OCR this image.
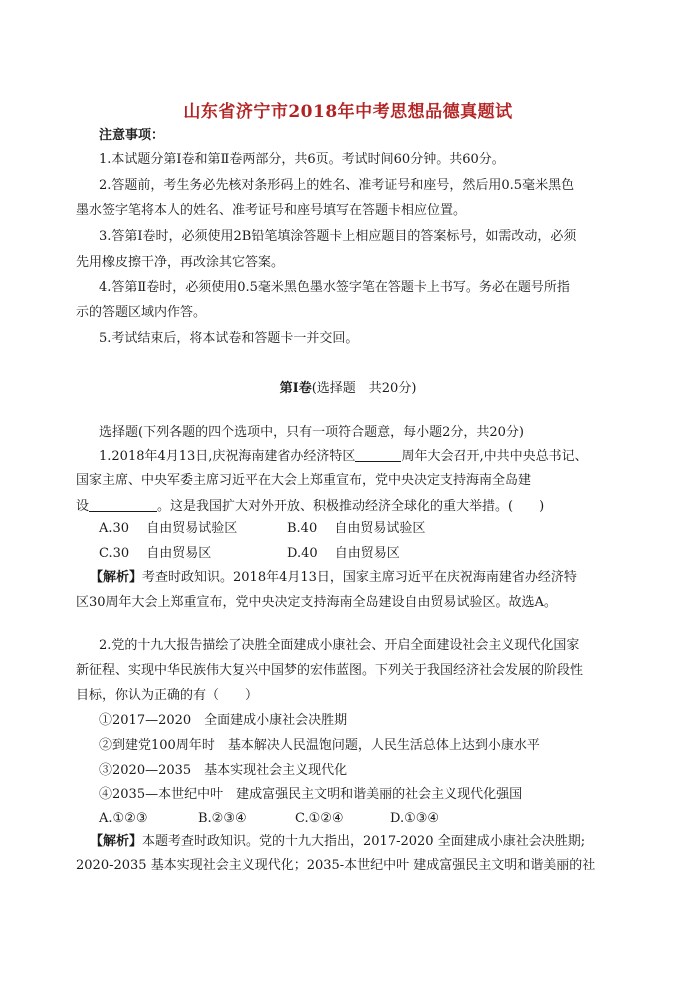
山东省济宁市2018年中考思想品德真题试
注意事项：
1.本试题分第Ⅰ卷和第Ⅱ卷两部分，共6页。考试时间60分钟。共60分。
2.答题前，考生务必先核对条形码上的姓名、准考证号和座号，然后用0.5毫米黑色
墨水签字笔将本人的姓名、准考证号和座号填写在答题卡相应位置。
3.答第Ⅰ卷时，必须使用2B铅笔填涂答题卡上相应题目的答案标号，如需改动，必须
先用橡皮擦干净，再改涂其它答案。
4.答第Ⅱ卷时，必须使用0.5毫米黑色墨水签字笔在答题卡上书写。务必在题号所指
示的答题区域内作答。
5.考试结束后，将本试卷和答题卡一并交回。
第Ⅰ卷(选择题　共20分)
选择题(下列各题的四个选项中，只有一项符合题意，每小题2分，共20分)
1.2018年4月13日,庆祝海南建省办经济特区	周年大会召开,中共中央总书记、
国家主席、中央军委主席习近平在大会上郑重宣布，党中央决定支持海南全岛建
设	。这是我国扩大对外开放、积极推动经济全球化的重大举措。(　　)
A.30　 自由贸易试验区	B.40　 自由贸易试验区
C.30　 自由贸易区	D.40　 自由贸易区
【解析】考查时政知识。2018年4月13日，国家主席习近平在庆祝海南建省办经济特
区30周年大会上郑重宣布，党中央决定支持海南全岛建设自由贸易试验区。故选A。
2.党的十九大报告描绘了决胜全面建成小康社会、开启全面建设社会主义现代化国家
新征程、实现中华民族伟大复兴中国梦的宏伟蓝图。下列关于我国经济社会发展的阶段性
目标，你认为正确的有（　　）
①2017—2020　全面建成小康社会决胜期
②到建党100周年时　基本解决人民温饱问题，人民生活总体上达到小康水平
③2020—2035　基本实现社会主义现代化
④2035—本世纪中叶　建成富强民主文明和谐美丽的社会主义现代化强国
A.①②③	B.②③④	C.①②④	D.①③④
【解析】本题考查时政知识。党的十九大指出，2017-2020 全面建成小康社会决胜期;
2020-2035 基本实现社会主义现代化；2035-本世纪中叶 建成富强民主文明和谐美丽的社
